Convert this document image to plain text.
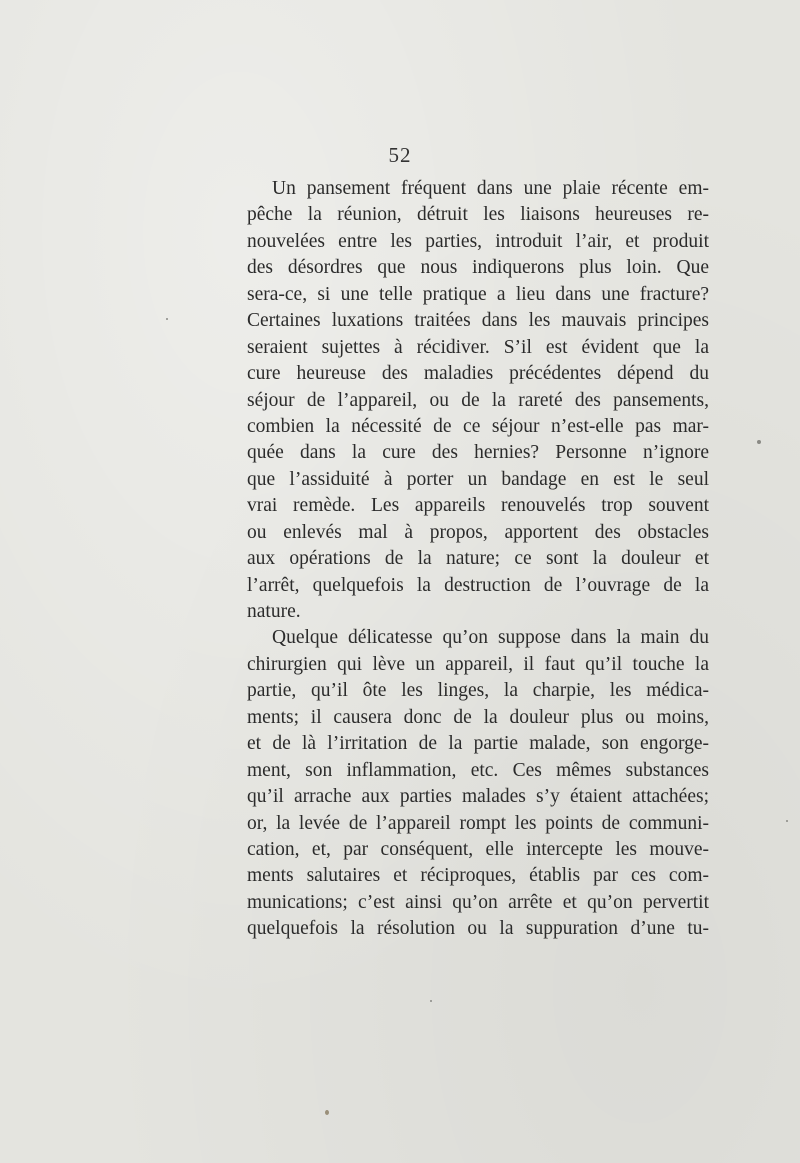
52
Un pansement fréquent dans une plaie récente em-
pêche la réunion, détruit les liaisons heureuses re-
nouvelées entre les parties, introduit l’air, et produit
des désordres que nous indiquerons plus loin. Que
sera-ce, si une telle pratique a lieu dans une fracture?
Certaines luxations traitées dans les mauvais principes
seraient sujettes à récidiver. S’il est évident que la
cure heureuse des maladies précédentes dépend du
séjour de l’appareil, ou de la rareté des pansements,
combien la nécessité de ce séjour n’est-elle pas mar-
quée dans la cure des hernies? Personne n’ignore
que l’assiduité à porter un bandage en est le seul
vrai remède. Les appareils renouvelés trop souvent
ou enlevés mal à propos, apportent des obstacles
aux opérations de la nature; ce sont la douleur et
l’arrêt, quelquefois la destruction de l’ouvrage de la
nature.
Quelque délicatesse qu’on suppose dans la main du
chirurgien qui lève un appareil, il faut qu’il touche la
partie, qu’il ôte les linges, la charpie, les médica-
ments; il causera donc de la douleur plus ou moins,
et de là l’irritation de la partie malade, son engorge-
ment, son inflammation, etc. Ces mêmes substances
qu’il arrache aux parties malades s’y étaient attachées;
or, la levée de l’appareil rompt les points de communi-
cation, et, par conséquent, elle intercepte les mouve-
ments salutaires et réciproques, établis par ces com-
munications; c’est ainsi qu’on arrête et qu’on pervertit
quelquefois la résolution ou la suppuration d’une tu-
